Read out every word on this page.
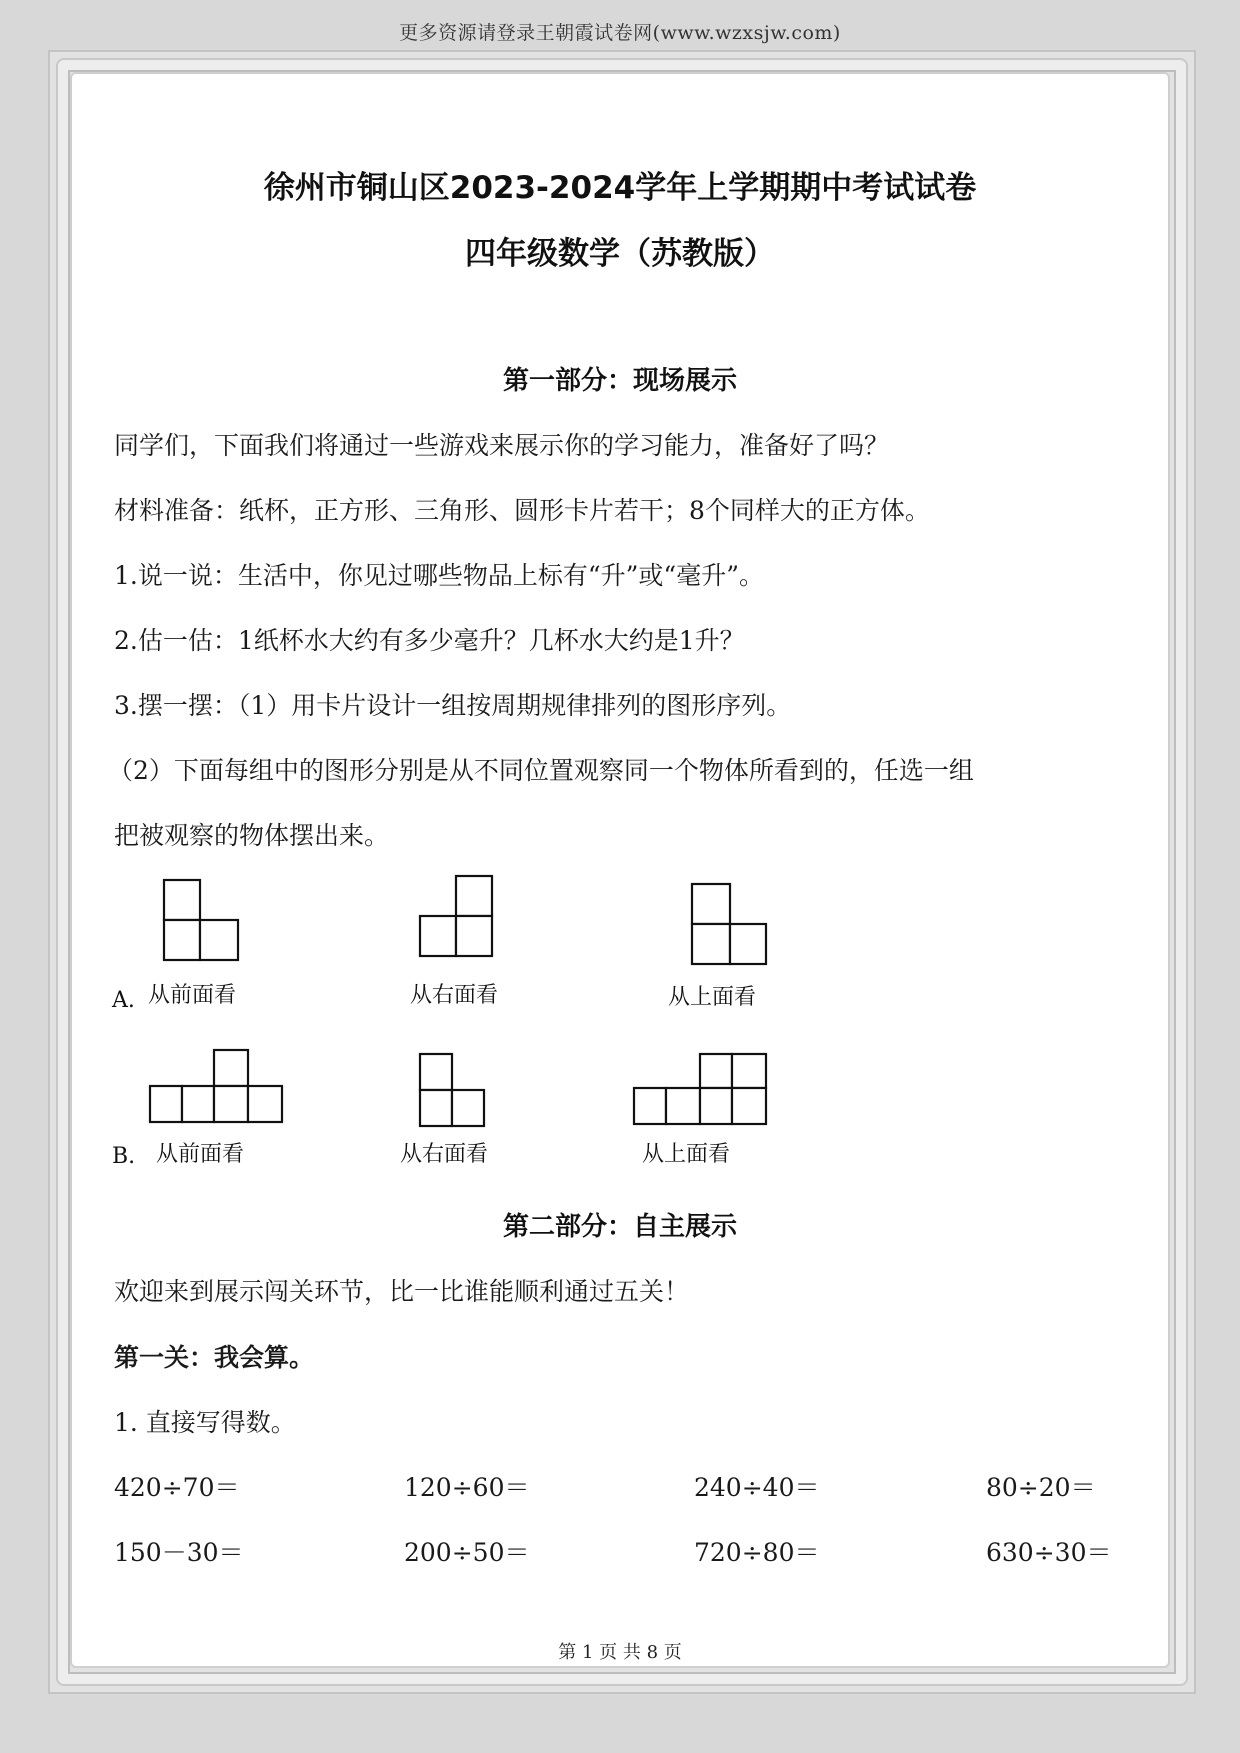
更多资源请登录王朝霞试卷网(www.wzxsjw.com)
徐州市铜山区2023-2024学年上学期期中考试试卷
四年级数学（苏教版）
第一部分：现场展示
同学们，下面我们将通过一些游戏来展示你的学习能力，准备好了吗？
材料准备：纸杯，正方形、三角形、圆形卡片若干；8个同样大的正方体。
1.说一说：生活中，你见过哪些物品上标有“升”或“毫升”。
2.估一估：1纸杯水大约有多少毫升？几杯水大约是1升？
3.摆一摆：（1）用卡片设计一组按周期规律排列的图形序列。
（2）下面每组中的图形分别是从不同位置观察同一个物体所看到的，任选一组
把被观察的物体摆出来。
A. 从前面看	从右面看	从上面看
B. 从前面看	从右面看	从上面看
第二部分：自主展示
欢迎来到展示闯关环节，比一比谁能顺利通过五关！
第一关：我会算。
1. 直接写得数。
420÷70＝	120÷60＝	240÷40＝	80÷20＝
150－30＝	200÷50＝	720÷80＝	630÷30＝
第 1 页 共 8 页
